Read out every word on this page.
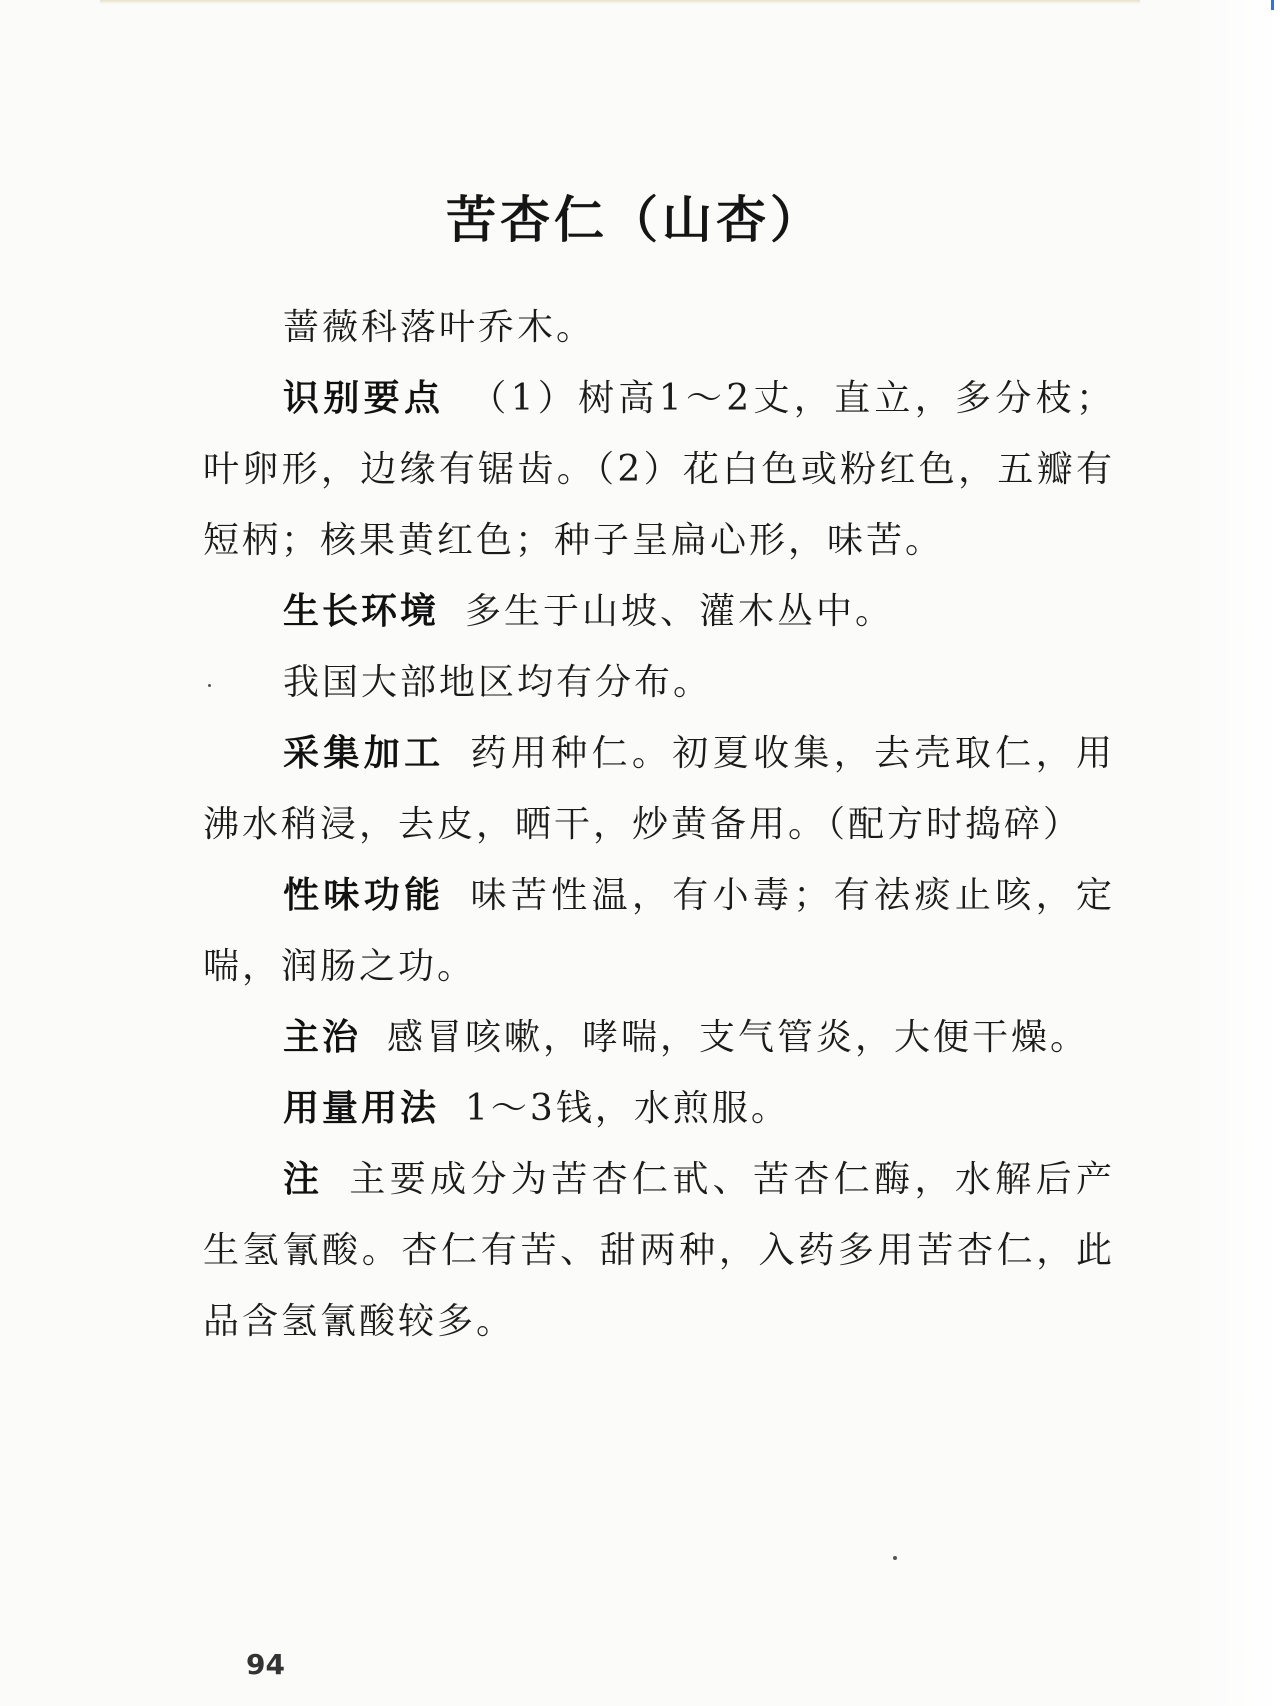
苦杏仁（山杏）

蔷薇科落叶乔木。

识别要点 （1）树高1～2丈，直立，多分枝；叶卵形，边缘有锯齿。（2）花白色或粉红色，五瓣有短柄；核果黄红色；种子呈扁心形，味苦。

生长环境 多生于山坡、灌木丛中。

我国大部地区均有分布。

采集加工 药用种仁。初夏收集，去壳取仁，用沸水稍浸，去皮，晒干，炒黄备用。（配方时捣碎）

性味功能 味苦性温，有小毒；有祛痰止咳，定喘，润肠之功。

主治 感冒咳嗽，哮喘，支气管炎，大便干燥。

用量用法 1～3钱，水煎服。

注 主要成分为苦杏仁甙、苦杏仁酶，水解后产生氢氰酸。杏仁有苦、甜两种，入药多用苦杏仁，此品含氢氰酸较多。

94
